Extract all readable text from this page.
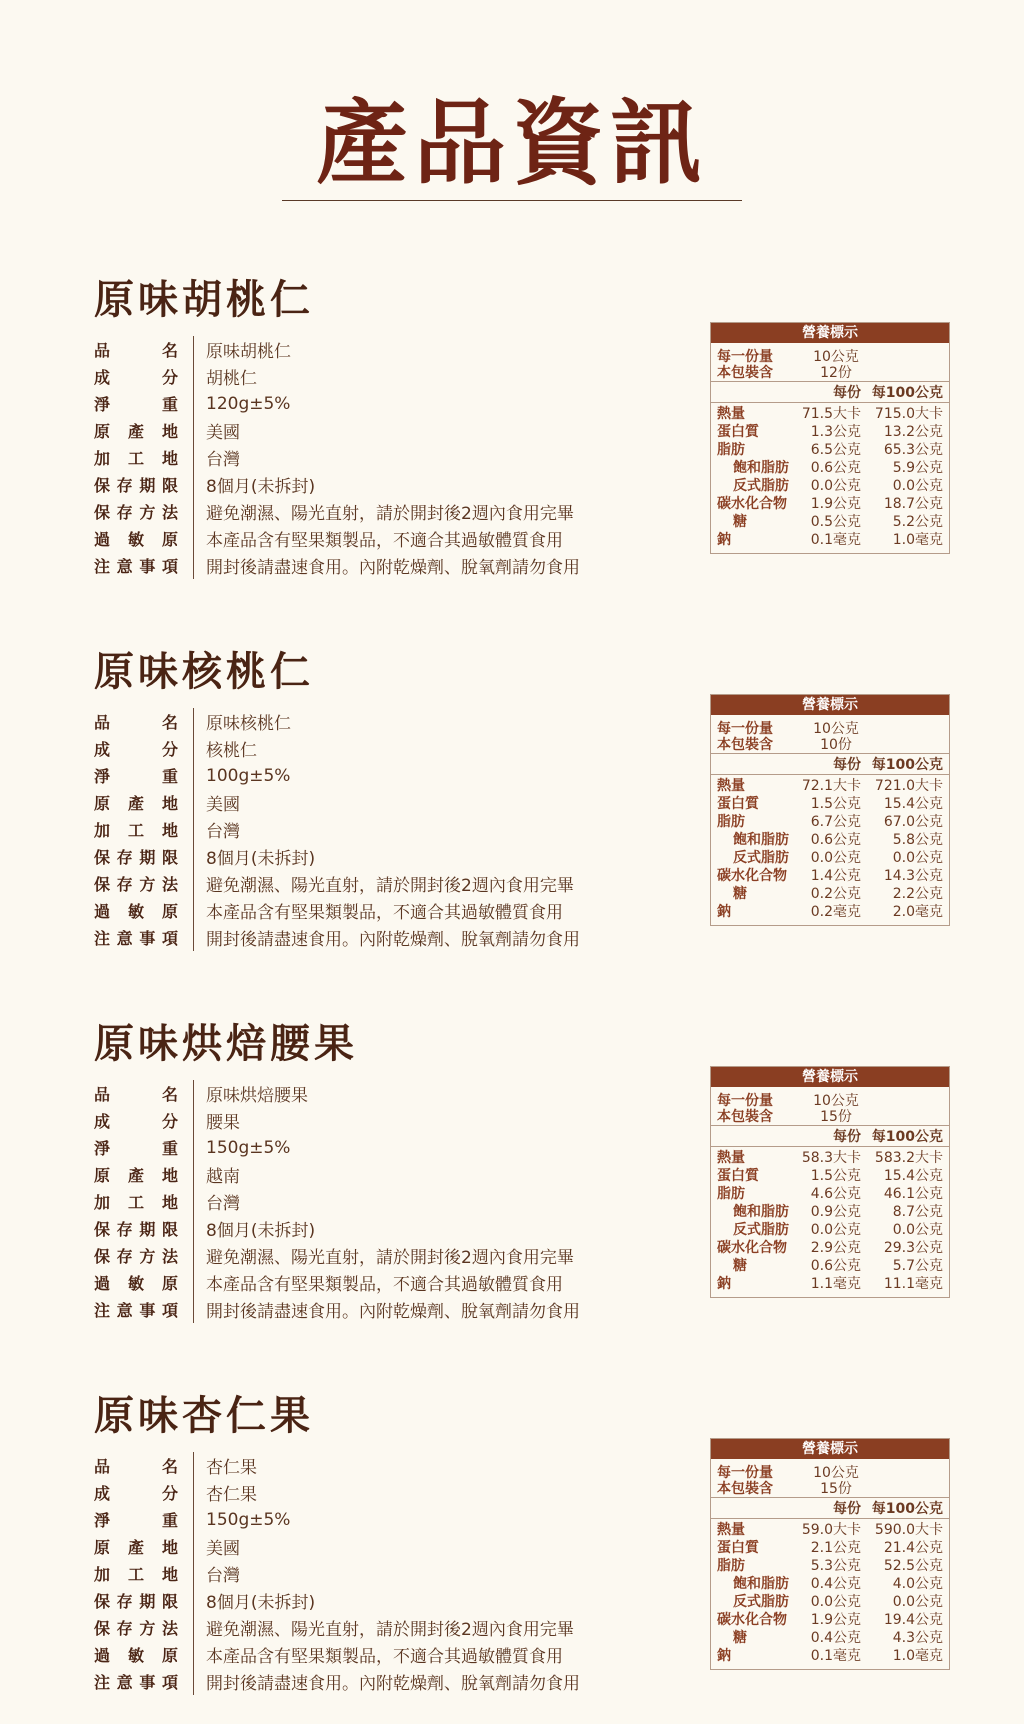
產品資訊
原味胡桃仁
品　名 原味胡桃仁
成　分 胡桃仁
淨　重 120g±5%
原產地 美國
加工地 台灣
保存期限 8個月(未拆封)
保存方法 避免潮濕、陽光直射，請於開封後2週內食用完畢
過敏原 本產品含有堅果類製品，不適合其過敏體質食用
注意事項 開封後請盡速食用。內附乾燥劑、脫氧劑請勿食用
營養標示
每一份量	10公克
本包裝含	12份
每份 每100公克
熱量	71.5大卡 715.0大卡
蛋白質	1.3公克 13.2公克
脂肪	6.5公克 65.3公克
飽和脂肪 0.6公克 5.9公克
反式脂肪 0.0公克 0.0公克
碳水化合物 1.9公克 18.7公克
糖	0.5公克 5.2公克
鈉	0.1毫克 1.0毫克
原味核桃仁
品　名 原味核桃仁
成　分 核桃仁
淨　重 100g±5%
原產地 美國
加工地 台灣
保存期限 8個月(未拆封)
保存方法 避免潮濕、陽光直射，請於開封後2週內食用完畢
過敏原 本產品含有堅果類製品，不適合其過敏體質食用
注意事項 開封後請盡速食用。內附乾燥劑、脫氧劑請勿食用
營養標示
每一份量	10公克
本包裝含	10份
每份 每100公克
熱量	72.1大卡 721.0大卡
蛋白質	1.5公克 15.4公克
脂肪	6.7公克 67.0公克
飽和脂肪 0.6公克 5.8公克
反式脂肪 0.0公克 0.0公克
碳水化合物 1.4公克 14.3公克
糖	0.2公克 2.2公克
鈉	0.2毫克 2.0毫克
原味烘焙腰果
品　名 原味烘焙腰果
成　分 腰果
淨　重 150g±5%
原產地 越南
加工地 台灣
保存期限 8個月(未拆封)
保存方法 避免潮濕、陽光直射，請於開封後2週內食用完畢
過敏原 本產品含有堅果類製品，不適合其過敏體質食用
注意事項 開封後請盡速食用。內附乾燥劑、脫氧劑請勿食用
營養標示
每一份量	10公克
本包裝含	15份
每份 每100公克
熱量	58.3大卡 583.2大卡
蛋白質	1.5公克 15.4公克
脂肪	4.6公克 46.1公克
飽和脂肪 0.9公克 8.7公克
反式脂肪 0.0公克 0.0公克
碳水化合物 2.9公克 29.3公克
糖	0.6公克 5.7公克
鈉	1.1毫克 11.1毫克
原味杏仁果
品　名 杏仁果
成　分 杏仁果
淨　重 150g±5%
原產地 美國
加工地 台灣
保存期限 8個月(未拆封)
保存方法 避免潮濕、陽光直射，請於開封後2週內食用完畢
過敏原 本產品含有堅果類製品，不適合其過敏體質食用
注意事項 開封後請盡速食用。內附乾燥劑、脫氧劑請勿食用
營養標示
每一份量	10公克
本包裝含	15份
每份 每100公克
熱量	59.0大卡 590.0大卡
蛋白質	2.1公克 21.4公克
脂肪	5.3公克 52.5公克
飽和脂肪 0.4公克 4.0公克
反式脂肪 0.0公克 0.0公克
碳水化合物 1.9公克 19.4公克
糖	0.4公克 4.3公克
鈉	0.1毫克 1.0毫克
